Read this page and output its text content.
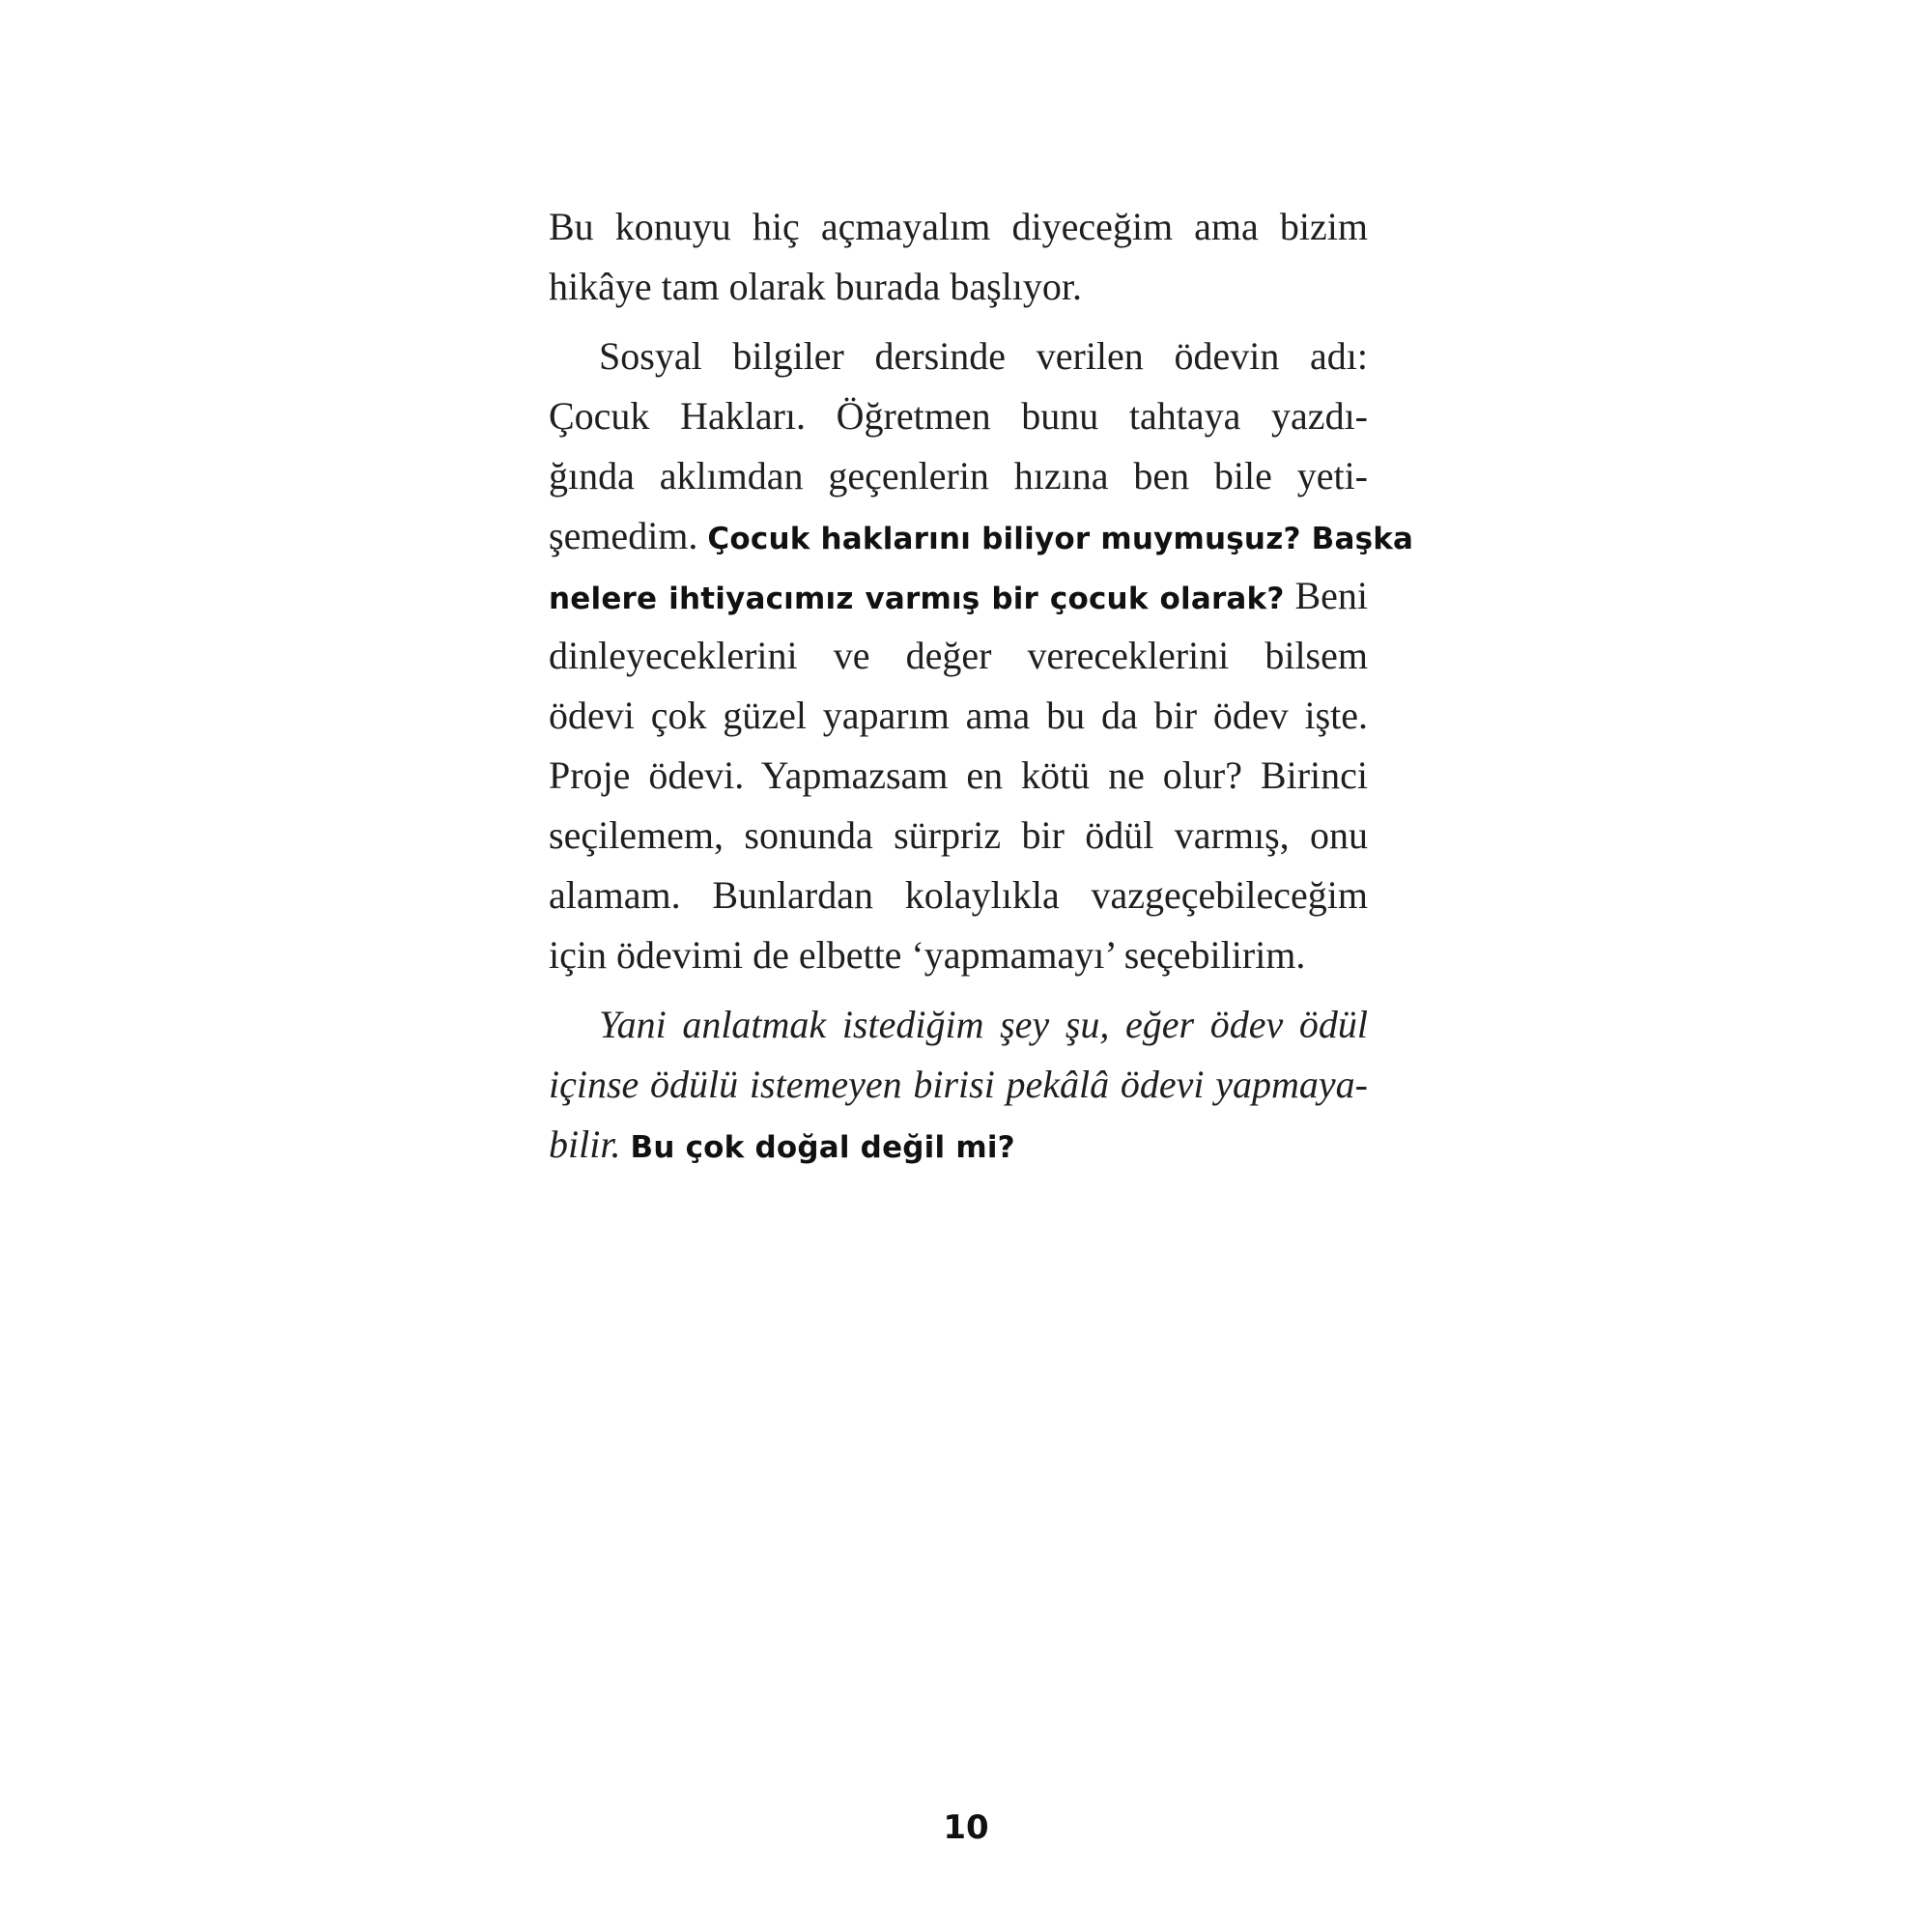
Bu konuyu hiç açmayalım diyeceğim ama bizim
hikâye tam olarak burada başlıyor.
Sosyal bilgiler dersinde verilen ödevin adı:
Çocuk Hakları. Öğretmen bunu tahtaya yazdı-
ğında aklımdan geçenlerin hızına ben bile yeti-
şemedim. Çocuk haklarını biliyor muymuşuz? Başka
nelere ihtiyacımız varmış bir çocuk olarak? Beni
dinleyeceklerini ve değer vereceklerini bilsem
ödevi çok güzel yaparım ama bu da bir ödev işte.
Proje ödevi. Yapmazsam en kötü ne olur? Birinci
seçilemem, sonunda sürpriz bir ödül varmış, onu
alamam. Bunlardan kolaylıkla vazgeçebileceğim
için ödevimi de elbette ‘yapmamayı’ seçebilirim.
Yani anlatmak istediğim şey şu, eğer ödev ödül
içinse ödülü istemeyen birisi pekâlâ ödevi yapmaya-
bilir. Bu çok doğal değil mi?
10
